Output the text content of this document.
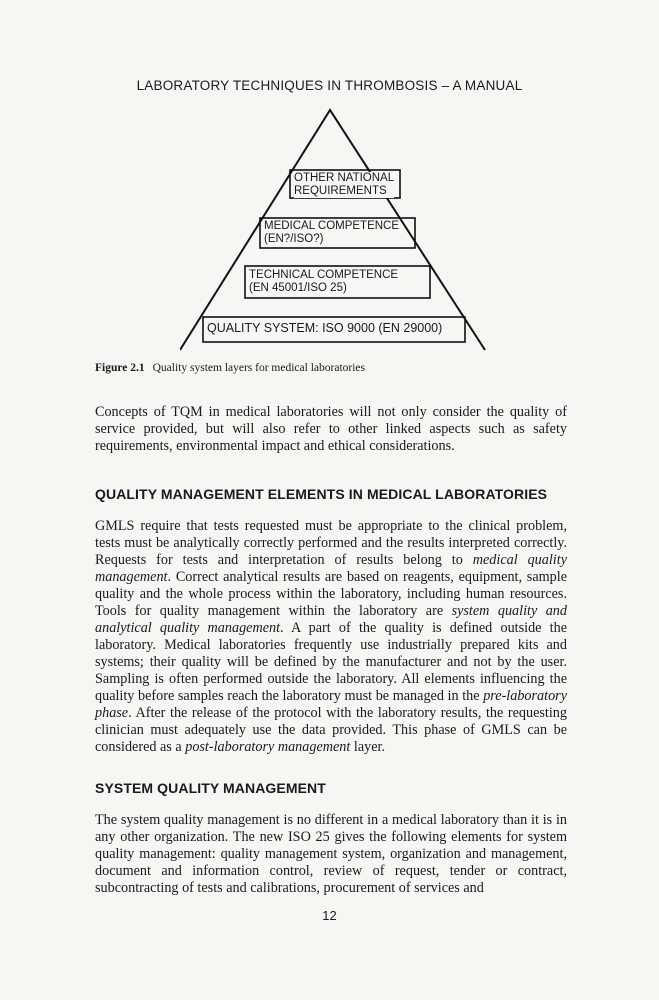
LABORATORY TECHNIQUES IN THROMBOSIS – A MANUAL
OTHER NATIONAL
REQUIREMENTS
MEDICAL COMPETENCE
(EN?/ISO?)
TECHNICAL COMPETENCE
(EN 45001/ISO 25)
QUALITY SYSTEM: ISO 9000 (EN 29000)
Figure 2.1 Quality system layers for medical laboratories

Concepts of TQM in medical laboratories will not only consider the quality of service provided, but will also refer to other linked aspects such as safety requirements, environmental impact and ethical considerations.

QUALITY MANAGEMENT ELEMENTS IN MEDICAL LABORATORIES

GMLS require that tests requested must be appropriate to the clinical problem, tests must be analytically correctly performed and the results interpreted correctly. Requests for tests and interpretation of results belong to medical quality management. Correct analytical results are based on reagents, equipment, sample quality and the whole process within the laboratory, including human resources. Tools for quality management within the laboratory are system quality and analytical quality management. A part of the quality is defined outside the laboratory. Medical laboratories frequently use industrially prepared kits and systems; their quality will be defined by the manufacturer and not by the user. Sampling is often performed outside the laboratory. All elements influencing the quality before samples reach the laboratory must be managed in the pre-laboratory phase. After the release of the protocol with the laboratory results, the requesting clinician must adequately use the data provided. This phase of GMLS can be considered as a post-laboratory management layer.

SYSTEM QUALITY MANAGEMENT

The system quality management is no different in a medical laboratory than it is in any other organization. The new ISO 25 gives the following elements for system quality management: quality management system, organization and management, document and information control, review of request, tender or contract, subcontracting of tests and calibrations, procurement of services and

12
